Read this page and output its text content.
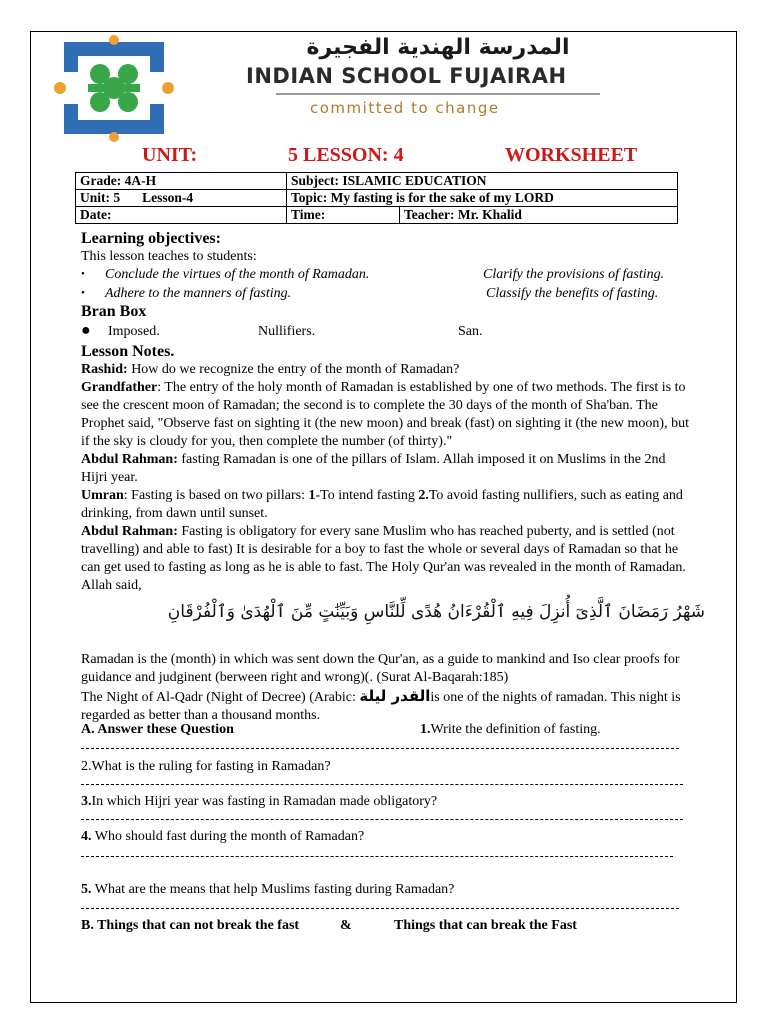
المدرسة الهندية الفجيرة
INDIAN SCHOOL FUJAIRAH
committed to change
UNIT:	5 LESSON: 4	WORKSHEET
Grade: 4A-H	Subject: ISLAMIC EDUCATION	
Unit: 5 Lesson-4	Topic: My fasting is for the sake of my LORD	
Date:	Time:	Teacher: Mr. Khalid
Learning objectives:
This lesson teaches to students:
• Conclude the virtues of the month of Ramadan.	Clarify the provisions of fasting.
• Adhere to the manners of fasting.	Classify the benefits of fasting.
Bran Box
● Imposed.	Nullifiers.	San.
Lesson Notes.

Rashid: How do we recognize the entry of the month of Ramadan?

Grandfather: The entry of the holy month of Ramadan is established by one of two methods. The first is to see the crescent moon of Ramadan; the second is to complete the 30 days of the month of Sha'ban. The Prophet said, "Observe fast on sighting it (the new moon) and break (fast) on sighting it (the new moon), but if the sky is cloudy for you, then complete the number (of thirty)."

Abdul Rahman: fasting Ramadan is one of the pillars of Islam. Allah imposed it on Muslims in the 2nd Hijri year.

Umran: Fasting is based on two pillars: 1-To intend fasting 2.To avoid fasting nullifiers, such as eating and drinking, from dawn until sunset.

Abdul Rahman: Fasting is obligatory for every sane Muslim who has reached puberty, and is settled (not travelling) and able to fast) It is desirable for a boy to fast the whole or several days of Ramadan so that he can get used to fasting as long as he is able to fast. The Holy Qur'an was revealed in the month of Ramadan. Allah said,

شَهْرُ رَمَضَانَ ٱلَّذِىٓ أُنزِلَ فِيهِ ٱلْقُرْءَانُ هُدًى لِّلنَّاسِ وَبَيِّنَٰتٍ مِّنَ ٱلْهُدَىٰ وَٱلْفُرْقَانِ
Ramadan is the (month) in which was sent down the Qur'an, as a guide to mankind and Iso clear proofs for guidance and judginent (berween right and wrong)(. (Surat Al-Baqarah:185)
The Night of Al-Qadr (Night of Decree) (Arabic: القدر ليلةis one of the nights of ramadan. This night is regarded as better than a thousand months.
A. Answer these Question	1.Write the definition of fasting.
2.What is the ruling for fasting in Ramadan?
3.In which Hijri year was fasting in Ramadan made obligatory?
4. Who should fast during the month of Ramadan?
5. What are the means that help Muslims fasting during Ramadan?
B. Things that can not break the fast	&	Things that can break the Fast
